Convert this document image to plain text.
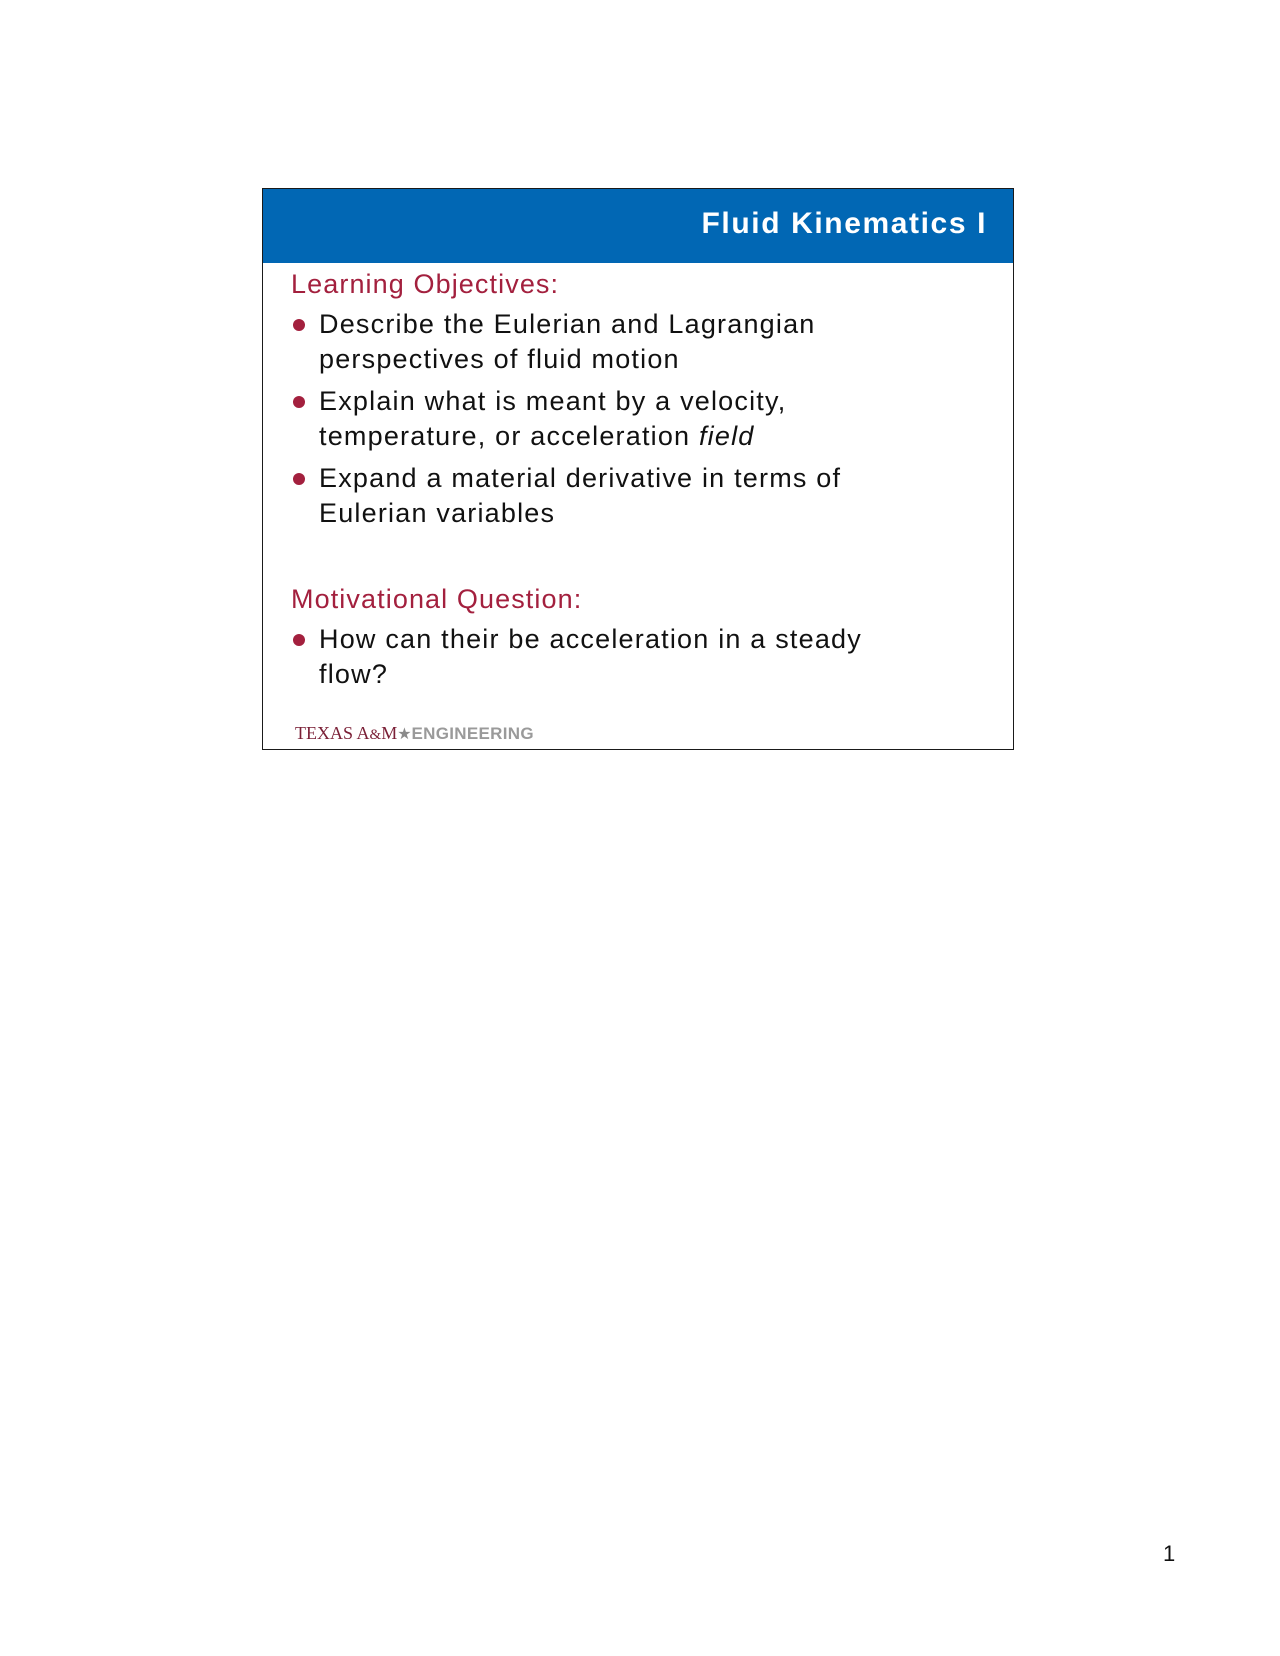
Fluid Kinematics I
Learning Objectives:
Describe the Eulerian and Lagrangian
perspectives of fluid motion
Explain what is meant by a velocity,
temperature, or acceleration field
Expand a material derivative in terms of
Eulerian variables
Motivational Question:
How can their be acceleration in a steady
flow?
TEXAS A&M★ENGINEERING

1
